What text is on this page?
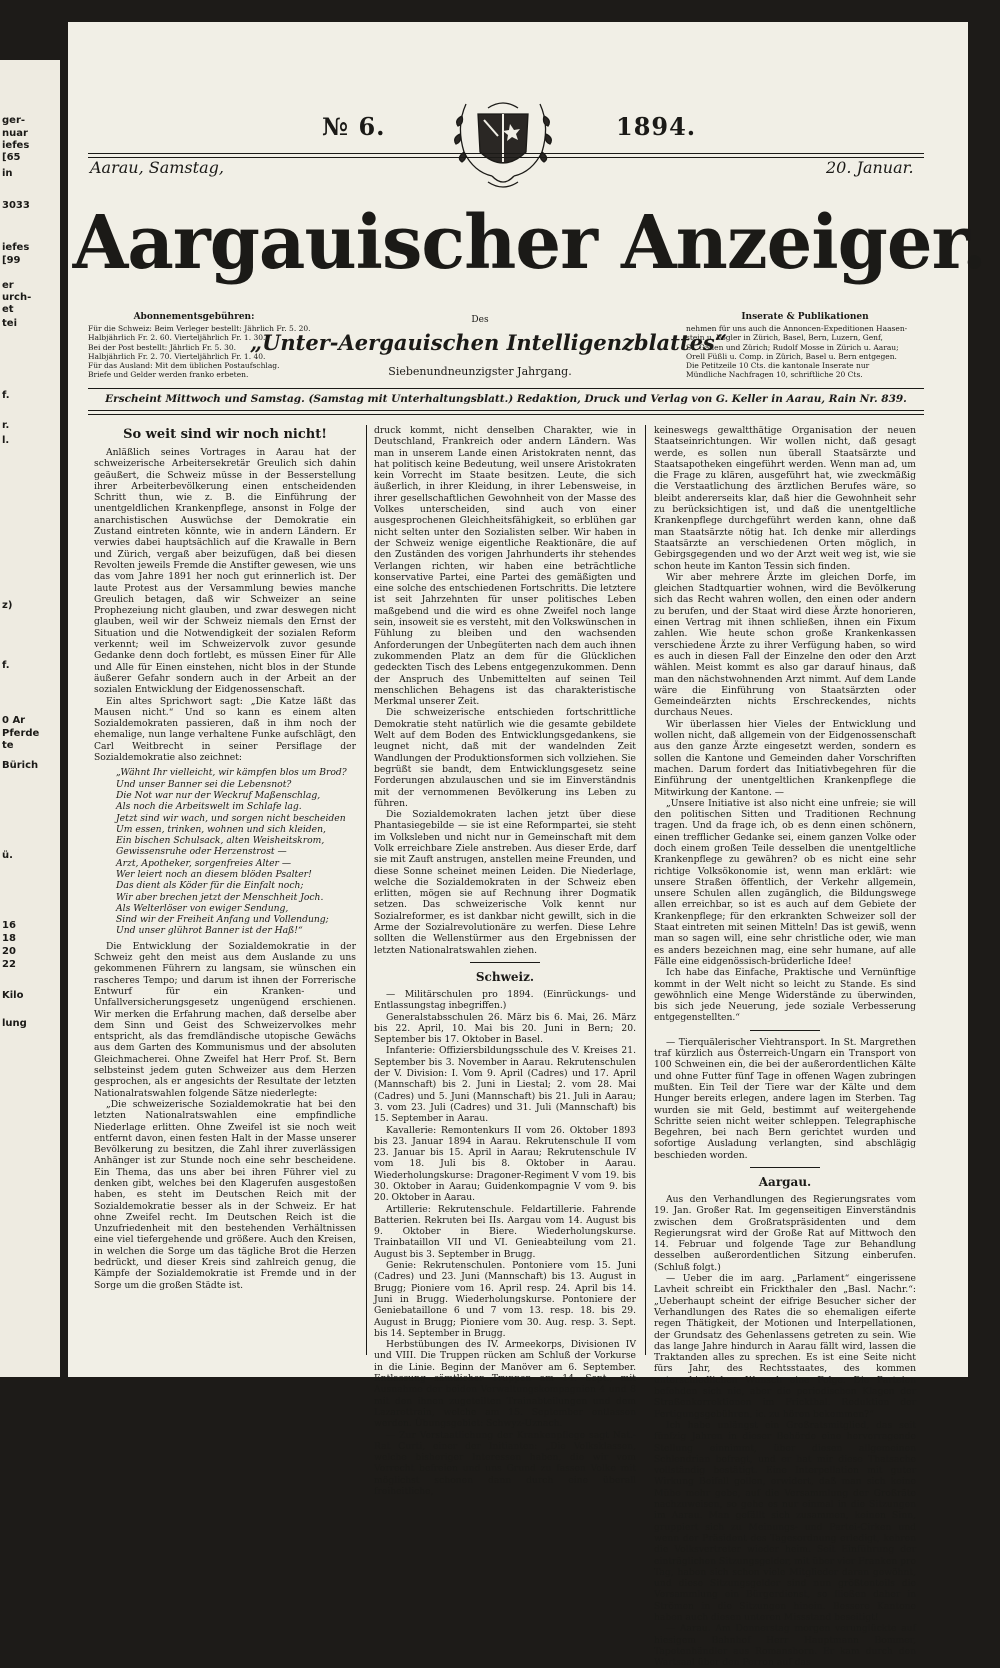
ger-
nuar
iefes
[65
in
3033
iefes
[99
er
urch-
et
tei
f.
r.
l.
z)
f.
0 Ar
Pferde
te
Bürich
ü.
16
18
20
22
Kilo
lung
№ 6.	1894.
Aarau, Samstag,	20. Januar.
Aargauischer Anzeiger.
Abonnementsgebühren:
Für die Schweiz: Beim Verleger bestellt: Jährlich Fr. 5. 20.
Halbjährlich Fr. 2. 60. Vierteljährlich Fr. 1. 30.
Bei der Post bestellt: Jährlich Fr. 5. 30.
Halbjährlich Fr. 2. 70. Vierteljährlich Fr. 1. 40.
Für das Ausland: Mit dem üblichen Postaufschlag.
Briefe und Gelder werden franko erbeten.
Des
„Unter-Aergauischen Intelligenzblattes“
Siebenundneunzigster Jahrgang.
Inserate & Publikationen
nehmen für uns auch die Annoncen-Expeditionen Haasen-
stein u. Vogler in Zürich, Basel, Bern, Luzern, Genf,
St. Gallen und Zürich; Rudolf Mosse in Zürich u. Aarau;
Orell Füßli u. Comp. in Zürich, Basel u. Bern entgegen.
Die Petitzeile 10 Cts. die kantonale Inserate nur
Mündliche Nachfragen 10, schriftliche 20 Cts.
Erscheint Mittwoch und Samstag. (Samstag mit Unterhaltungsblatt.) Redaktion, Druck und Verlag von G. Keller in Aarau, Rain Nr. 839.

So weit sind wir noch nicht!

Anläßlich seines Vortrages in Aarau hat der schweizerische Arbeitersekretär Greulich sich dahin geäußert, die Schweiz müsse in der Besserstellung ihrer Arbeiterbevölkerung einen entscheidenden Schritt thun, wie z. B. die Einführung der unentgeldlichen Krankenpflege, ansonst in Folge der anarchistischen Auswüchse der Demokratie ein Zustand eintreten könnte, wie in andern Ländern. Er verwies dabei hauptsächlich auf die Krawalle in Bern und Zürich, vergaß aber beizufügen, daß bei diesen Revolten jeweils Fremde die Anstifter gewesen, wie uns das vom Jahre 1891 her noch gut erinnerlich ist. Der laute Protest aus der Versammlung bewies manche Greulich betagen, daß wir Schweizer an seine Prophezeiung nicht glauben, und zwar deswegen nicht glauben, weil wir der Schweiz niemals den Ernst der Situation und die Notwendigkeit der sozialen Reform verkennt; weil im Schweizervolk zuvor gesunde Gedanke denn doch fortlebt, es müssen Einer für Alle und Alle für Einen einstehen, nicht blos in der Stunde äußerer Gefahr sondern auch in der Arbeit an der sozialen Entwicklung der Eidgenossenschaft.

Ein altes Sprichwort sagt: „Die Katze läßt das Mausen nicht.“ Und so kann es einem alten Sozialdemokraten passieren, daß in ihm noch der ehemalige, nun lange verhaltene Funke aufschlägt, den Carl Weitbrecht in seiner Persiflage der Sozialdemokratie also zeichnet:

„Wähnt Ihr vielleicht, wir kämpfen blos um Brod?

Und unser Banner sei die Lebensnot?

Die Not war nur der Weckruf Maßenschlag,

Als noch die Arbeitswelt im Schlafe lag.

Jetzt sind wir wach, und sorgen nicht bescheiden

Um essen, trinken, wohnen und sich kleiden,

Ein bischen Schulsack, alten Weisheitskrom,

Gewissensruhe oder Herzenstrost —

Arzt, Apotheker, sorgenfreies Alter —

Wer leiert noch an diesem blöden Psalter!

Das dient als Köder für die Einfalt noch;

Wir aber brechen jetzt der Menschheit Joch.

Als Welterlöser von ewiger Sendung,

Sind wir der Freiheit Anfang und Vollendung;

Und unser glührot Banner ist der Haß!“

Die Entwicklung der Sozialdemokratie in der Schweiz geht den meist aus dem Auslande zu uns gekommenen Führern zu langsam, sie wünschen ein rascheres Tempo; und darum ist ihnen der Forrerische Entwurf für ein Kranken- und Unfallversicherungsgesetz ungenügend erschienen. Wir merken die Erfahrung machen, daß derselbe aber dem Sinn und Geist des Schweizervolkes mehr entspricht, als das fremdländische utopische Gewächs aus dem Garten des Kommunismus und der absoluten Gleichmacherei. Ohne Zweifel hat Herr Prof. St. Bern selbsteinst jedem guten Schweizer aus dem Herzen gesprochen, als er angesichts der Resultate der letzten Nationalratswahlen folgende Sätze niederlegte:

„Die schweizerische Sozialdemokratie hat bei den letzten Nationalratswahlen eine empfindliche Niederlage erlitten. Ohne Zweifel ist sie noch weit entfernt davon, einen festen Halt in der Masse unserer Bevölkerung zu besitzen, die Zahl ihrer zuverlässigen Anhänger ist zur Stunde noch eine sehr bescheidene. Ein Thema, das uns aber bei ihren Führer viel zu denken gibt, welches bei den Klagerufen ausgestoßen haben, es steht im Deutschen Reich mit der Sozialdemokratie besser als in der Schweiz. Er hat ohne Zweifel recht. Im Deutschen Reich ist die Unzufriedenheit mit den bestehenden Verhältnissen eine viel tiefergehende und größere. Auch den Kreisen, in welchen die Sorge um das tägliche Brot die Herzen bedrückt, und dieser Kreis sind zahlreich genug, die Kämpfe der Sozialdemokratie ist Fremde und in der Sorge um die großen Städte ist.

druck kommt, nicht denselben Charakter, wie in Deutschland, Frankreich oder andern Ländern. Was man in unserem Lande einen Aristokraten nennt, das hat politisch keine Bedeutung, weil unsere Aristokraten kein Vorrecht im Staate besitzen. Leute, die sich äußerlich, in ihrer Kleidung, in ihrer Lebensweise, in ihrer gesellschaftlichen Gewohnheit von der Masse des Volkes unterscheiden, sind auch von einer ausgesprochenen Gleichheitsfähigkeit, so erblühen gar nicht selten unter den Sozialisten selber. Wir haben in der Schweiz wenige eigentliche Reaktionäre, die auf den Zuständen des vorigen Jahrhunderts ihr stehendes Verlangen richten, wir haben eine beträchtliche konservative Partei, eine Partei des gemäßigten und eine solche des entschiedenen Fortschritts. Die letztere ist seit Jahrzehnten für unser politisches Leben maßgebend und die wird es ohne Zweifel noch lange sein, insoweit sie es versteht, mit den Volkswünschen in Fühlung zu bleiben und den wachsenden Anforderungen der Unbegüterten nach dem auch ihnen zukommenden Platz an dem für die Glücklichen gedeckten Tisch des Lebens entgegenzukommen. Denn der Anspruch des Unbemittelten auf seinen Teil menschlichen Behagens ist das charakteristische Merkmal unserer Zeit.

Die schweizerische entschieden fortschrittliche Demokratie steht natürlich wie die gesamte gebildete Welt auf dem Boden des Entwicklungsgedankens, sie leugnet nicht, daß mit der wandelnden Zeit Wandlungen der Produktionsformen sich vollziehen. Sie begrüßt sie bandt, dem Entwicklungsgesetz seine Forderungen abzulauschen und sie im Einverständnis mit der vernommenen Bevölkerung ins Leben zu führen.

Die Sozialdemokraten lachen jetzt über diese Phantasiegebilde — sie ist eine Reformpartei, sie steht im Volksleben und nicht nur in Gemeinschaft mit dem Volk erreichbare Ziele anstreben. Aus dieser Erde, darf sie mit Zauft anstrugen, anstellen meine Freunden, und diese Sonne scheinet meinen Leiden. Die Niederlage, welche die Sozialdemokraten in der Schweiz eben erlitten, mögen sie auf Rechnung ihrer Dogmatik setzen. Das schweizerische Volk kennt nur Sozialreformer, es ist dankbar nicht gewillt, sich in die Arme der Sozialrevolutionäre zu werfen. Diese Lehre sollten die Wellenstürmer aus den Ergebnissen der letzten Nationalratswahlen ziehen.

Schweiz.

— Militärschulen pro 1894. (Einrückungs- und Entlassungstag inbegriffen.)

Generalstabsschulen 26. März bis 6. Mai, 26. März bis 22. April, 10. Mai bis 20. Juni in Bern; 20. September bis 17. Oktober in Basel.

Infanterie: Offiziersbildungsschule des V. Kreises 21. September bis 3. November in Aarau. Rekrutenschulen der V. Division: I. Vom 9. April (Cadres) und 17. April (Mannschaft) bis 2. Juni in Liestal; 2. vom 28. Mai (Cadres) und 5. Juni (Mannschaft) bis 21. Juli in Aarau; 3. vom 23. Juli (Cadres) und 31. Juli (Mannschaft) bis 15. September in Aarau.

Kavallerie: Remontenkurs II vom 26. Oktober 1893 bis 23. Januar 1894 in Aarau. Rekrutenschule II vom 23. Januar bis 15. April in Aarau; Rekrutenschule IV vom 18. Juli bis 8. Oktober in Aarau. Wiederholungskurse: Dragoner-Regiment V vom 19. bis 30. Oktober in Aarau; Guidenkompagnie V vom 9. bis 20. Oktober in Aarau.

Artillerie: Rekrutenschule. Feldartillerie. Fahrende Batterien. Rekruten bei IIs. Aargau vom 14. August bis 9. Oktober in Biere. Wiederholungskurse. Trainbataillon VII und VI. Genieabteilung vom 21. August bis 3. September in Brugg.

Genie: Rekrutenschulen. Pontoniere vom 15. Juni (Cadres) und 23. Juni (Mannschaft) bis 13. August in Brugg; Pioniere vom 16. April resp. 24. April bis 14. Juni in Brugg. Wiederholungskurse. Pontoniere der Geniebataillone 6 und 7 vom 13. resp. 18. bis 29. August in Brugg; Pioniere vom 30. Aug. resp. 3. Sept. bis 14. September in Brugg.

Herbstübungen des IV. Armeekorps, Divisionen IV und VIII. Die Truppen rücken am Schluß der Vorkurse in die Linie. Beginn der Manöver am 6. September. Entlassung sämtlicher Truppen am 14. Sept., mit Ausnahme der beiden Verwaltungskompagnien 4 und 8 mit den ihnen zugeteilten Trainabteilungen und dem Lazarettrain, welche am 15. September entlassen werden. Übungsgebiet: Schwyz-Uznach.

— Zur Verstaatlichung der Krankenpflege sagt Nat.-Rat Curti, einer der Initianten: „Die Volksklassen, welche bisheriger Interessen haben, die wir vom Vorrecht befreien und uns Grund zu fassen Volke mit möglichst schonen dann durch eine überall freiheitliche,

keineswegs gewaltthätige Organisation der neuen Staatseinrichtungen. Wir wollen nicht, daß gesagt werde, es sollen nun überall Staatsärzte und Staatsapotheken eingeführt werden. Wenn man ad, um die Frage zu klären, ausgeführt hat, wie zweckmäßig die Verstaatlichung des ärztlichen Berufes wäre, so bleibt andererseits klar, daß hier die Gewohnheit sehr zu berücksichtigen ist, und daß die unentgeltliche Krankenpflege durchgeführt werden kann, ohne daß man Staatsärzte nötig hat. Ich denke mir allerdings Staatsärzte an verschiedenen Orten möglich, in Gebirgsgegenden und wo der Arzt weit weg ist, wie sie schon heute im Kanton Tessin sich finden.

Wir aber mehrere Ärzte im gleichen Dorfe, im gleichen Stadtquartier wohnen, wird die Bevölkerung sich das Recht wahren wollen, den einen oder andern zu berufen, und der Staat wird diese Ärzte honorieren, einen Vertrag mit ihnen schließen, ihnen ein Fixum zahlen. Wie heute schon große Krankenkassen verschiedene Ärzte zu ihrer Verfügung haben, so wird es auch in diesen Fall der Einzelne den oder den Arzt wählen. Meist kommt es also gar darauf hinaus, daß man den nächstwohnenden Arzt nimmt. Auf dem Lande wäre die Einführung von Staatsärzten oder Gemeindeärzten nichts Erschreckendes, nichts durchaus Neues.

Wir überlassen hier Vieles der Entwicklung und wollen nicht, daß allgemein von der Eidgenossenschaft aus den ganze Ärzte eingesetzt werden, sondern es sollen die Kantone und Gemeinden daher Vorschriften machen. Darum fordert das Initiativbegehren für die Einführung der unentgeltlichen Krankenpflege die Mitwirkung der Kantone. —

„Unsere Initiative ist also nicht eine unfreie; sie will den politischen Sitten und Traditionen Rechnung tragen. Und da frage ich, ob es denn einen schönern, einen trefflicher Gedanke sei, einem ganzen Volke oder doch einem großen Teile desselben die unentgeltliche Krankenpflege zu gewähren? ob es nicht eine sehr richtige Volksökonomie ist, wenn man erklärt: wie unsere Straßen öffentlich, der Verkehr allgemein, unsere Schulen allen zugänglich, die Bildungswege allen erreichbar, so ist es auch auf dem Gebiete der Krankenpflege; für den erkrankten Schweizer soll der Staat eintreten mit seinen Mitteln! Das ist gewiß, wenn man so sagen will, eine sehr christliche oder, wie man es anders bezeichnen mag, eine sehr humane, auf alle Fälle eine eidgenössisch-brüderliche Idee!

Ich habe das Einfache, Praktische und Vernünftige kommt in der Welt nicht so leicht zu Stande. Es sind gewöhnlich eine Menge Widerstände zu überwinden, bis sich jede Neuerung, jede soziale Verbesserung entgegenstellten.“

— Tierquälerischer Viehtransport. In St. Margrethen traf kürzlich aus Österreich-Ungarn ein Transport von 100 Schweinen ein, die bei der außerordentlichen Kälte und ohne Futter fünf Tage in offenen Wagen zubringen mußten. Ein Teil der Tiere war der Kälte und dem Hunger bereits erlegen, andere lagen im Sterben. Tag wurden sie mit Geld, bestimmt auf weitergehende Schritte seien nicht weiter schleppen. Telegraphische Begehren, bei nach Bern gerichtet wurden und sofortige Ausladung verlangten, sind abschlägig beschieden worden.

Aargau.

Aus den Verhandlungen des Regierungsrates vom 19. Jan. Großer Rat. Im gegenseitigen Einverständnis zwischen dem Großratspräsidenten und dem Regierungsrat wird der Große Rat auf Mittwoch den 14. Februar und folgende Tage zur Behandlung desselben außerordentlichen Sitzung einberufen. (Schluß folgt.)

— Ueber die im aarg. „Parlament“ eingerissene Lavheit schreibt ein Frickthaler den „Basl. Nachr.“: „Ueberhaupt scheint der eifrige Besucher sicher der Verhandlungen des Rates die so ehemaligen eiferte regen Thätigkeit, der Motionen und Interpellationen, der Grundsatz des Gehenlassens getreten zu sein. Wie das lange Jahre hindurch in Aarau fällt wird, lassen die Traktanden alles zu sprechen. Es ist eine Seite nicht fürs Jahr, des Rechtsstaates, des kommen unterschiedlichen Wunsch eine Folge. Die Parteien befehden sich nie, aber die periodischen Klagen der Straßenkorrektionen im Frickthal. Reduktion der Fertigungsgebühren, ic. zu hören bekommen?“

Ich habe unlängst ein Großratsmitglied, das seit fünfzig Jahren in dieser Behörde eine hervorragende Stellung einnimmt, über diesen allgemeinen Schlendrian befragt, und er hat mir diese Thatsache vollständig bestätigt. Eine Interpellation mit guter Wirkung Beifall gollen, erwidert, daß man sich keine Mühe mehr gebe, auf die Versammlung der Großräte nachzuweisen, so gehe es nur einmal in die Sitzungen im Aarau. Man gefällt sich zusammen, keinen Sinn, gruppiert sich zu Meinungs- und Partei-Cirken und wenn der Präsident des Tagesordnung erledigt, kehren die Volksvertreter wieder heim. Seit Einführung der einträglichen Sitzungsgelder, mit über vier Franken pro Tag, haben sich schon viele Mitglieder daran gewöhnt, und diese Sitzungsgelder sind nun größtenteils die Versammlung ein Bürgerdienst, so fließen daher in Strömen in die Sitzungen hinein. Bessere Kantone haben auch diesen unteren Missstand beseitigt!

— Aarau. Am Donnerstag morgen verunglückte auf hiesigem Bahnhof Herr Hauptmann Bommer, Tapetenhändler aus Romanshorn. Er kam durch den Wartsaal über den Perron auf das
